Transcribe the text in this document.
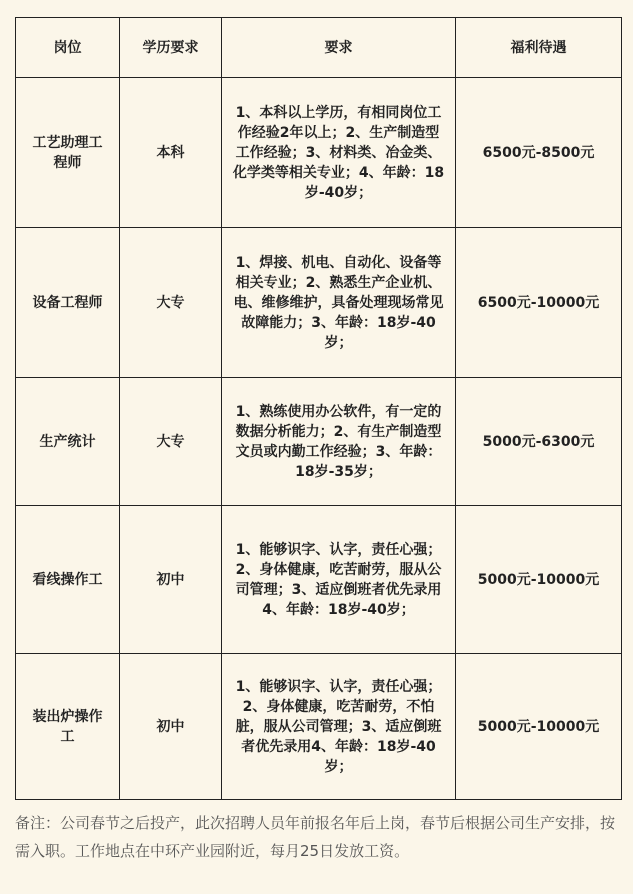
岗位	学历要求	要求	福利待遇
工艺助理工程师	本科	1、本科以上学历，有相同岗位工作经验2年以上；2、生产制造型工作经验；3、材料类、冶金类、化学类等相关专业；4、年龄：18岁-40岁；	6500元-8500元
设备工程师	大专	1、焊接、机电、自动化、设备等相关专业；2、熟悉生产企业机、电、维修维护，具备处理现场常见故障能力；3、年龄：18岁-40岁；	6500元-10000元
生产统计	大专	1、熟练使用办公软件，有一定的数据分析能力；2、有生产制造型文员或内勤工作经验；3、年龄：18岁-35岁；	5000元-6300元
看线操作工	初中	1、能够识字、认字，责任心强；2、身体健康，吃苦耐劳，服从公司管理；3、适应倒班者优先录用4、年龄：18岁-40岁；	5000元-10000元
装出炉操作工	初中	1、能够识字、认字，责任心强；2、身体健康，吃苦耐劳，不怕脏，服从公司管理；3、适应倒班者优先录用4、年龄：18岁-40岁；	5000元-10000元
备注：公司春节之后投产，此次招聘人员年前报名年后上岗，春节后根据公司生产安排，按需入职。工作地点在中环产业园附近，每月25日发放工资。
